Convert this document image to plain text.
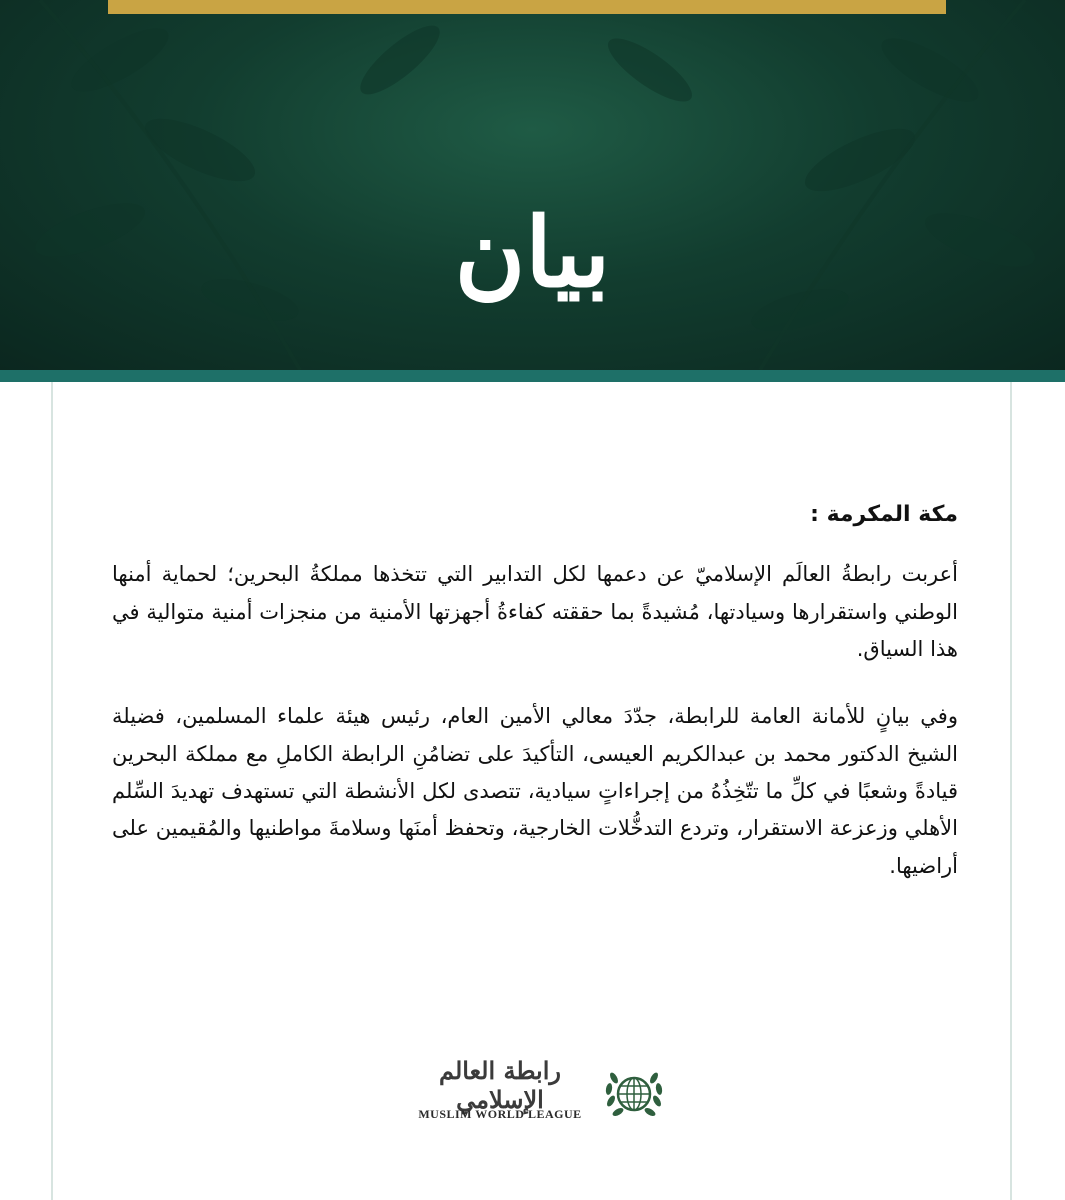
بيان

مكة المكرمة :

أعربت رابطةُ العالَم الإسلاميّ عن دعمها لكل التدابير التي تتخذها مملكةُ البحرين؛ لحماية أمنها الوطني واستقرارها وسيادتها، مُشيدةً بما حققته كفاءةُ أجهزتها الأمنية من منجزات أمنية متوالية في هذا السياق.

وفي بيانٍ للأمانة العامة للرابطة، جدّدَ معالي الأمين العام، رئيس هيئة علماء المسلمين، فضيلة الشيخ الدكتور محمد بن عبدالكريم العيسى، التأكيدَ على تضامُنِ الرابطة الكاملِ مع مملكة البحرين قيادةً وشعبًا في كلِّ ما تتّخِذُهُ من إجراءاتٍ سيادية، تتصدى لكل الأنشطة التي تستهدف تهديدَ السِّلم الأهلي وزعزعة الاستقرار، وتردع التدخُّلات الخارجية، وتحفظ أمنَها وسلامةَ مواطنيها والمُقيمين على أراضيها.

رابطة العالم الإسلامي
MUSLIM WORLD LEAGUE
